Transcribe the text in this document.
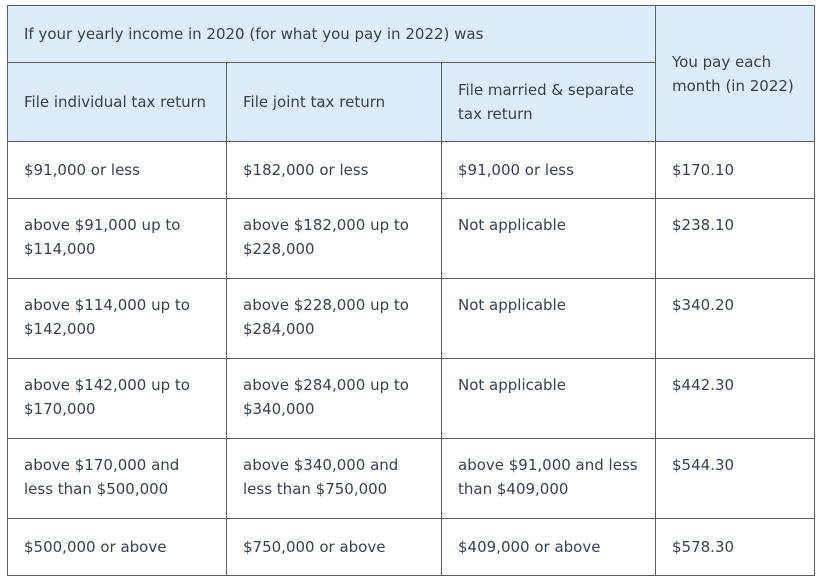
If your yearly income in 2020 (for what you pay in 2022) was			You pay each month (in 2022)
File individual tax return	File joint tax return	File married & separate tax return	
$91,000 or less	$182,000 or less	$91,000 or less	$170.10
above $91,000 up to $114,000	above $182,000 up to $228,000	Not applicable	$238.10
above $114,000 up to $142,000	above $228,000 up to $284,000	Not applicable	$340.20
above $142,000 up to $170,000	above $284,000 up to $340,000	Not applicable	$442.30
above $170,000 and less than $500,000	above $340,000 and less than $750,000	above $91,000 and less than $409,000	$544.30
$500,000 or above	$750,000 or above	$409,000 or above	$578.30
